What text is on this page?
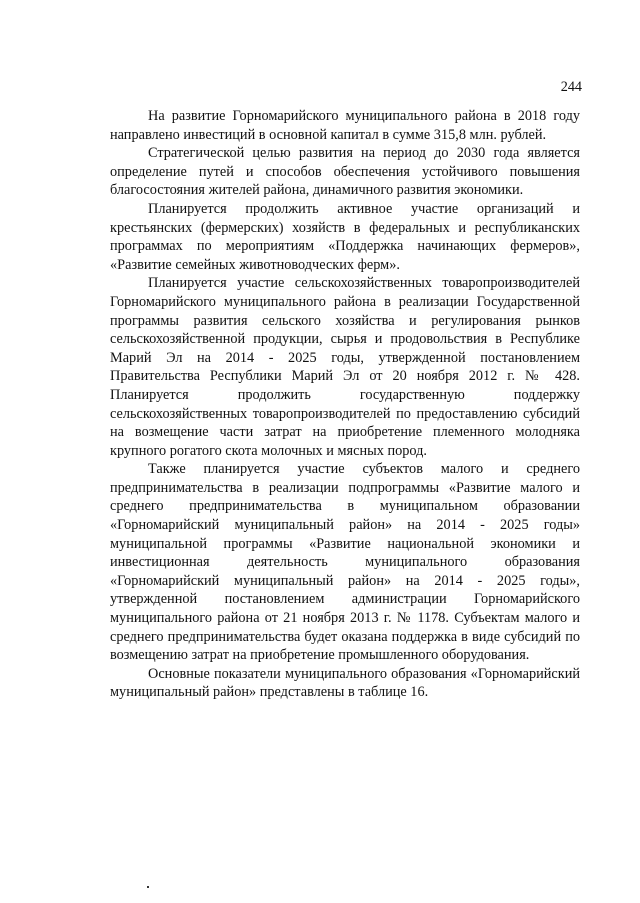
244

На развитие Горномарийского муниципального района в 2018 году направлено инвестиций в основной капитал в сумме 315,8 млн. рублей.

Стратегической целью развития на период до 2030 года является определение путей и способов обеспечения устойчивого повышения благосостояния жителей района, динамичного развития экономики.

Планируется продолжить активное участие организаций и крестьянских (фермерских) хозяйств в федеральных и республиканских программах по мероприятиям «Поддержка начинающих фермеров», «Развитие семейных животноводческих ферм».

Планируется участие сельскохозяйственных товаропроизводителей Горномарийского муниципального района в реализации Государственной программы развития сельского хозяйства и регулирования рынков сельскохозяйственной продукции, сырья и продовольствия в Республике Марий Эл на 2014 - 2025 годы, утвержденной постановлением Правительства Республики Марий Эл от 20 ноября 2012 г. № 428. Планируется продолжить государственную поддержку сельскохозяйственных товаропроизводителей по предоставлению субсидий на возмещение части затрат на приобретение племенного молодняка крупного рогатого скота молочных и мясных пород.

Также планируется участие субъектов малого и среднего предпринимательства в реализации подпрограммы «Развитие малого и среднего предпринимательства в муниципальном образовании «Горномарийский муниципальный район» на 2014 - 2025 годы» муниципальной программы «Развитие национальной экономики и инвестиционная деятельность муниципального образования «Горномарийский муниципальный район» на 2014 - 2025 годы», утвержденной постановлением администрации Горномарийского муниципального района от 21 ноября 2013 г. № 1178. Субъектам малого и среднего предпринимательства будет оказана поддержка в виде субсидий по возмещению затрат на приобретение промышленного оборудования.

Основные показатели муниципального образования «Горномарийский муниципальный район» представлены в таблице 16.
